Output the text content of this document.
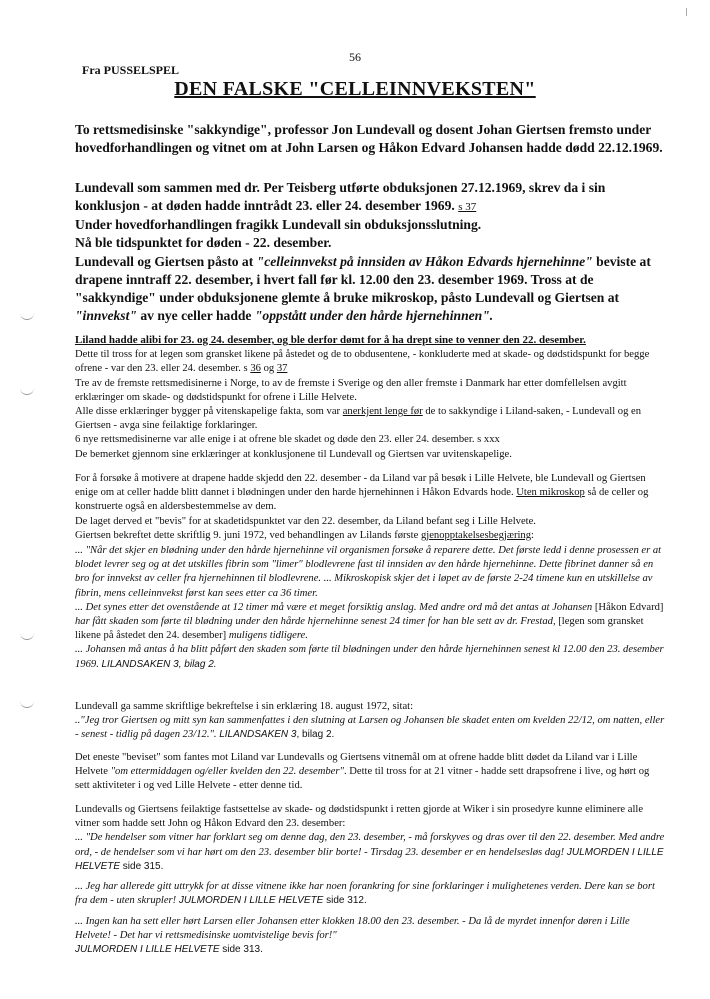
56
Fra PUSSELSPEL
DEN FALSKE "CELLEINNVEKSTEN"
To rettsmedisinske "sakkyndige", professor Jon Lundevall og dosent Johan Giertsen fremsto under hovedforhandlingen og vitnet om at John Larsen og Håkon Edvard Johansen hadde dødd 22.12.1969.
Lundevall som sammen med dr. Per Teisberg utførte obduksjonen 27.12.1969, skrev da i sin konklusjon - at døden hadde inntrådt 23. eller 24. desember 1969. s 37
Under hovedforhandlingen fragikk Lundevall sin obduksjonsslutning.
Nå ble tidspunktet for døden - 22. desember.
Lundevall og Giertsen påsto at "celleinnvekst på innsiden av Håkon Edvards hjernehinne" beviste at drapene inntraff 22. desember, i hvert fall før kl. 12.00 den 23. desember 1969. Tross at de "sakkyndige" under obduksjonene glemte å bruke mikroskop, påsto Lundevall og Giertsen at "innvekst" av nye celler hadde "oppstått under den hårde hjernehinnen".
Liland hadde alibi for 23. og 24. desember, og ble derfor dømt for å ha drept sine to venner den 22. desember.
Dette til tross for at legen som gransket likene på åstedet og de to obdusentene, - konkluderte med at skade- og dødstidspunkt for begge ofrene - var den 23. eller 24. desember. s 36 og 37
Tre av de fremste rettsmedisinerne i Norge, to av de fremste i Sverige og den aller fremste i Danmark har etter domfellelsen avgitt erklæringer om skade- og dødstidspunkt for ofrene i Lille Helvete.
Alle disse erklæringer bygger på vitenskapelige fakta, som var anerkjent lenge før de to sakkyndige i Liland-saken, - Lundevall og en Giertsen - avga sine feilaktige forklaringer.
6 nye rettsmedisinerne var alle enige i at ofrene ble skadet og døde den 23. eller 24. desember. s xxx
De bemerket gjennom sine erklæringer at konklusjonene til Lundevall og Giertsen var uvitenskapelige.
For å forsøke å motivere at drapene hadde skjedd den 22. desember - da Liland var på besøk i Lille Helvete, ble Lundevall og Giertsen enige om at celler hadde blitt dannet i blødningen under den harde hjernehinnen i Håkon Edvards hode. Uten mikroskop så de celler og konstruerte også en aldersbestemmelse av dem.
De laget derved et "bevis" for at skadetidspunktet var den 22. desember, da Liland befant seg i Lille Helvete.
Giertsen bekreftet dette skriftlig 9. juni 1972, ved behandlingen av Lilands første gjenopptakelsesbegjæring:
... "Når det skjer en blødning under den hårde hjernehinne vil organismen forsøke å reparere dette. Det første ledd i denne prosessen er at blodet levrer seg og at det utskilles fibrin som "limer" blodlevrene fast til innsiden av den hårde hjernehinne. Dette fibrinet danner så en bro for innvekst av celler fra hjernehinnen til blodlevrene. ... Mikroskopisk skjer det i løpet av de første 2-24 timene kun en utskillelse av fibrin, mens celleinnvekst først kan sees etter ca 36 timer.
... Det synes etter det ovenstående at 12 timer må være et meget forsiktig anslag. Med andre ord må det antas at Johansen [Håkon Edvard] har fått skaden som førte til blødning under den hårde hjernehinne senest 24 timer for han ble sett av dr. Frestad, [legen som gransket likene på åstedet den 24. desember] muligens tidligere.
... Johansen må antas å ha blitt påført den skaden som førte til blødningen under den hårde hjernehinnen senest kl 12.00 den 23. desember 1969. LILANDSAKEN 3, bilag 2.
Lundevall ga samme skriftlige bekreftelse i sin erklæring 18. august 1972, sitat:
.."Jeg tror Giertsen og mitt syn kan sammenfattes i den slutning at Larsen og Johansen ble skadet enten om kvelden 22/12, om natten, eller - senest - tidlig på dagen 23/12.". LILANDSAKEN 3, bilag 2.
Det eneste "beviset" som fantes mot Liland var Lundevalls og Giertsens vitnemål om at ofrene hadde blitt dødet da Liland var i Lille Helvete "om ettermiddagen og/eller kvelden den 22. desember". Dette til tross for at 21 vitner - hadde sett drapsofrene i live, og hørt og sett aktiviteter i og ved Lille Helvete - etter denne tid.
Lundevalls og Giertsens feilaktige fastsettelse av skade- og dødstidspunkt i retten gjorde at Wiker i sin prosedyre kunne eliminere alle vitner som hadde sett John og Håkon Edvard den 23. desember:
... "De hendelser som vitner har forklart seg om denne dag, den 23. desember, - må forskyves og dras over til den 22. desember. Med andre ord, - de hendelser som vi har hørt om den 23. desember blir borte! - Tirsdag 23. desember er en hendelsesløs dag! JULMORDEN I LILLE HELVETE side 315.
... Jeg har allerede gitt uttrykk for at disse vitnene ikke har noen forankring for sine forklaringer i mulighetenes verden. Dere kan se bort fra dem - uten skrupler! JULMORDEN I LILLE HELVETE side 312.
... Ingen kan ha sett eller hørt Larsen eller Johansen etter klokken 18.00 den 23. desember. - Da lå de myrdet innenfor døren i Lille Helvete! - Det har vi rettsmedisinske uomtvistelige bevis for!"
JULMORDEN I LILLE HELVETE side 313.
